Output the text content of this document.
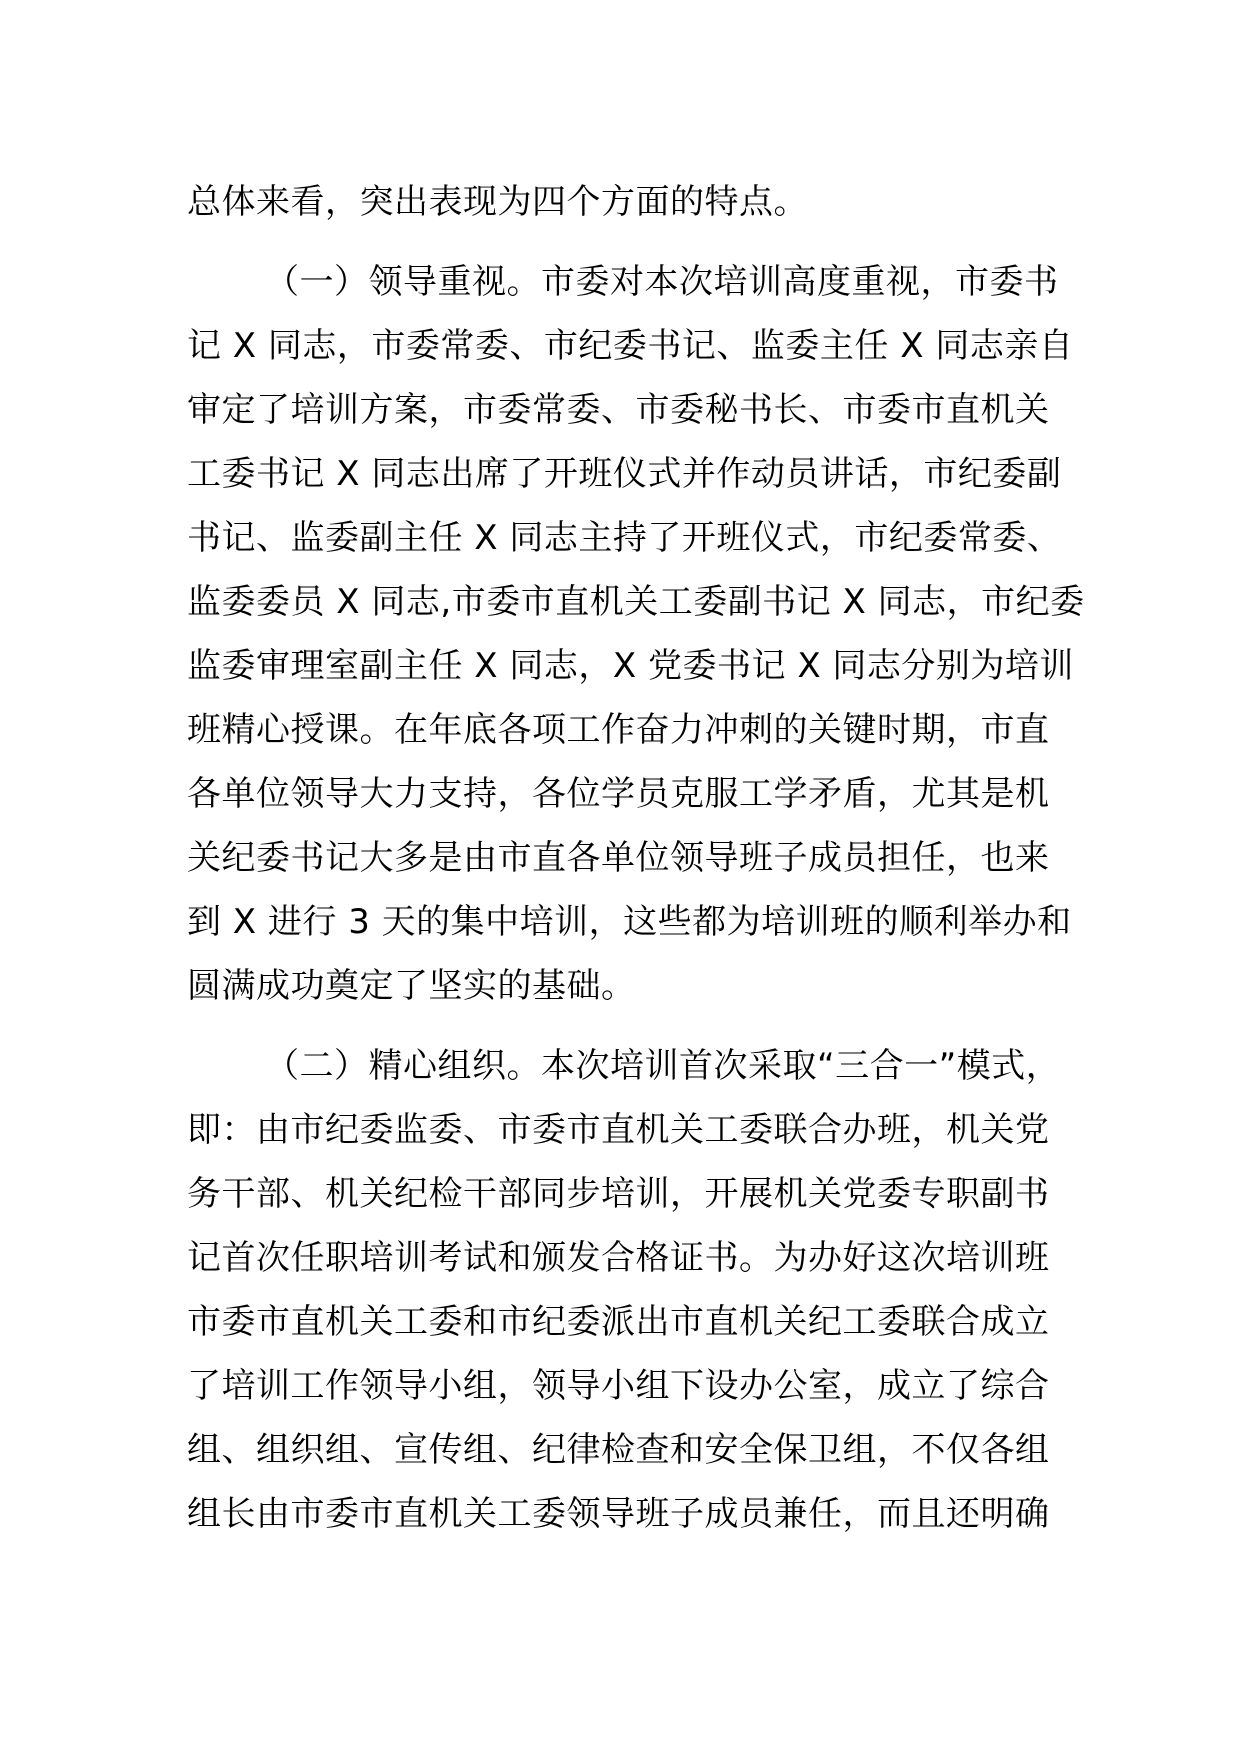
总体来看，突出表现为四个方面的特点。
（一）领导重视。市委对本次培训高度重视，市委书
记 X 同志，市委常委、市纪委书记、监委主任 X 同志亲自
审定了培训方案，市委常委、市委秘书长、市委市直机关
工委书记 X 同志出席了开班仪式并作动员讲话，市纪委副
书记、监委副主任 X 同志主持了开班仪式，市纪委常委、
监委委员 X 同志,市委市直机关工委副书记 X 同志，市纪委
监委审理室副主任 X 同志，X 党委书记 X 同志分别为培训
班精心授课。在年底各项工作奋力冲刺的关键时期，市直
各单位领导大力支持，各位学员克服工学矛盾，尤其是机
关纪委书记大多是由市直各单位领导班子成员担任，也来
到 X 进行 3 天的集中培训，这些都为培训班的顺利举办和
圆满成功奠定了坚实的基础。
（二）精心组织。本次培训首次采取“三合一”模式，
即：由市纪委监委、市委市直机关工委联合办班，机关党
务干部、机关纪检干部同步培训，开展机关党委专职副书
记首次任职培训考试和颁发合格证书。为办好这次培训班
市委市直机关工委和市纪委派出市直机关纪工委联合成立
了培训工作领导小组，领导小组下设办公室，成立了综合
组、组织组、宣传组、纪律检查和安全保卫组，不仅各组
组长由市委市直机关工委领导班子成员兼任，而且还明确
